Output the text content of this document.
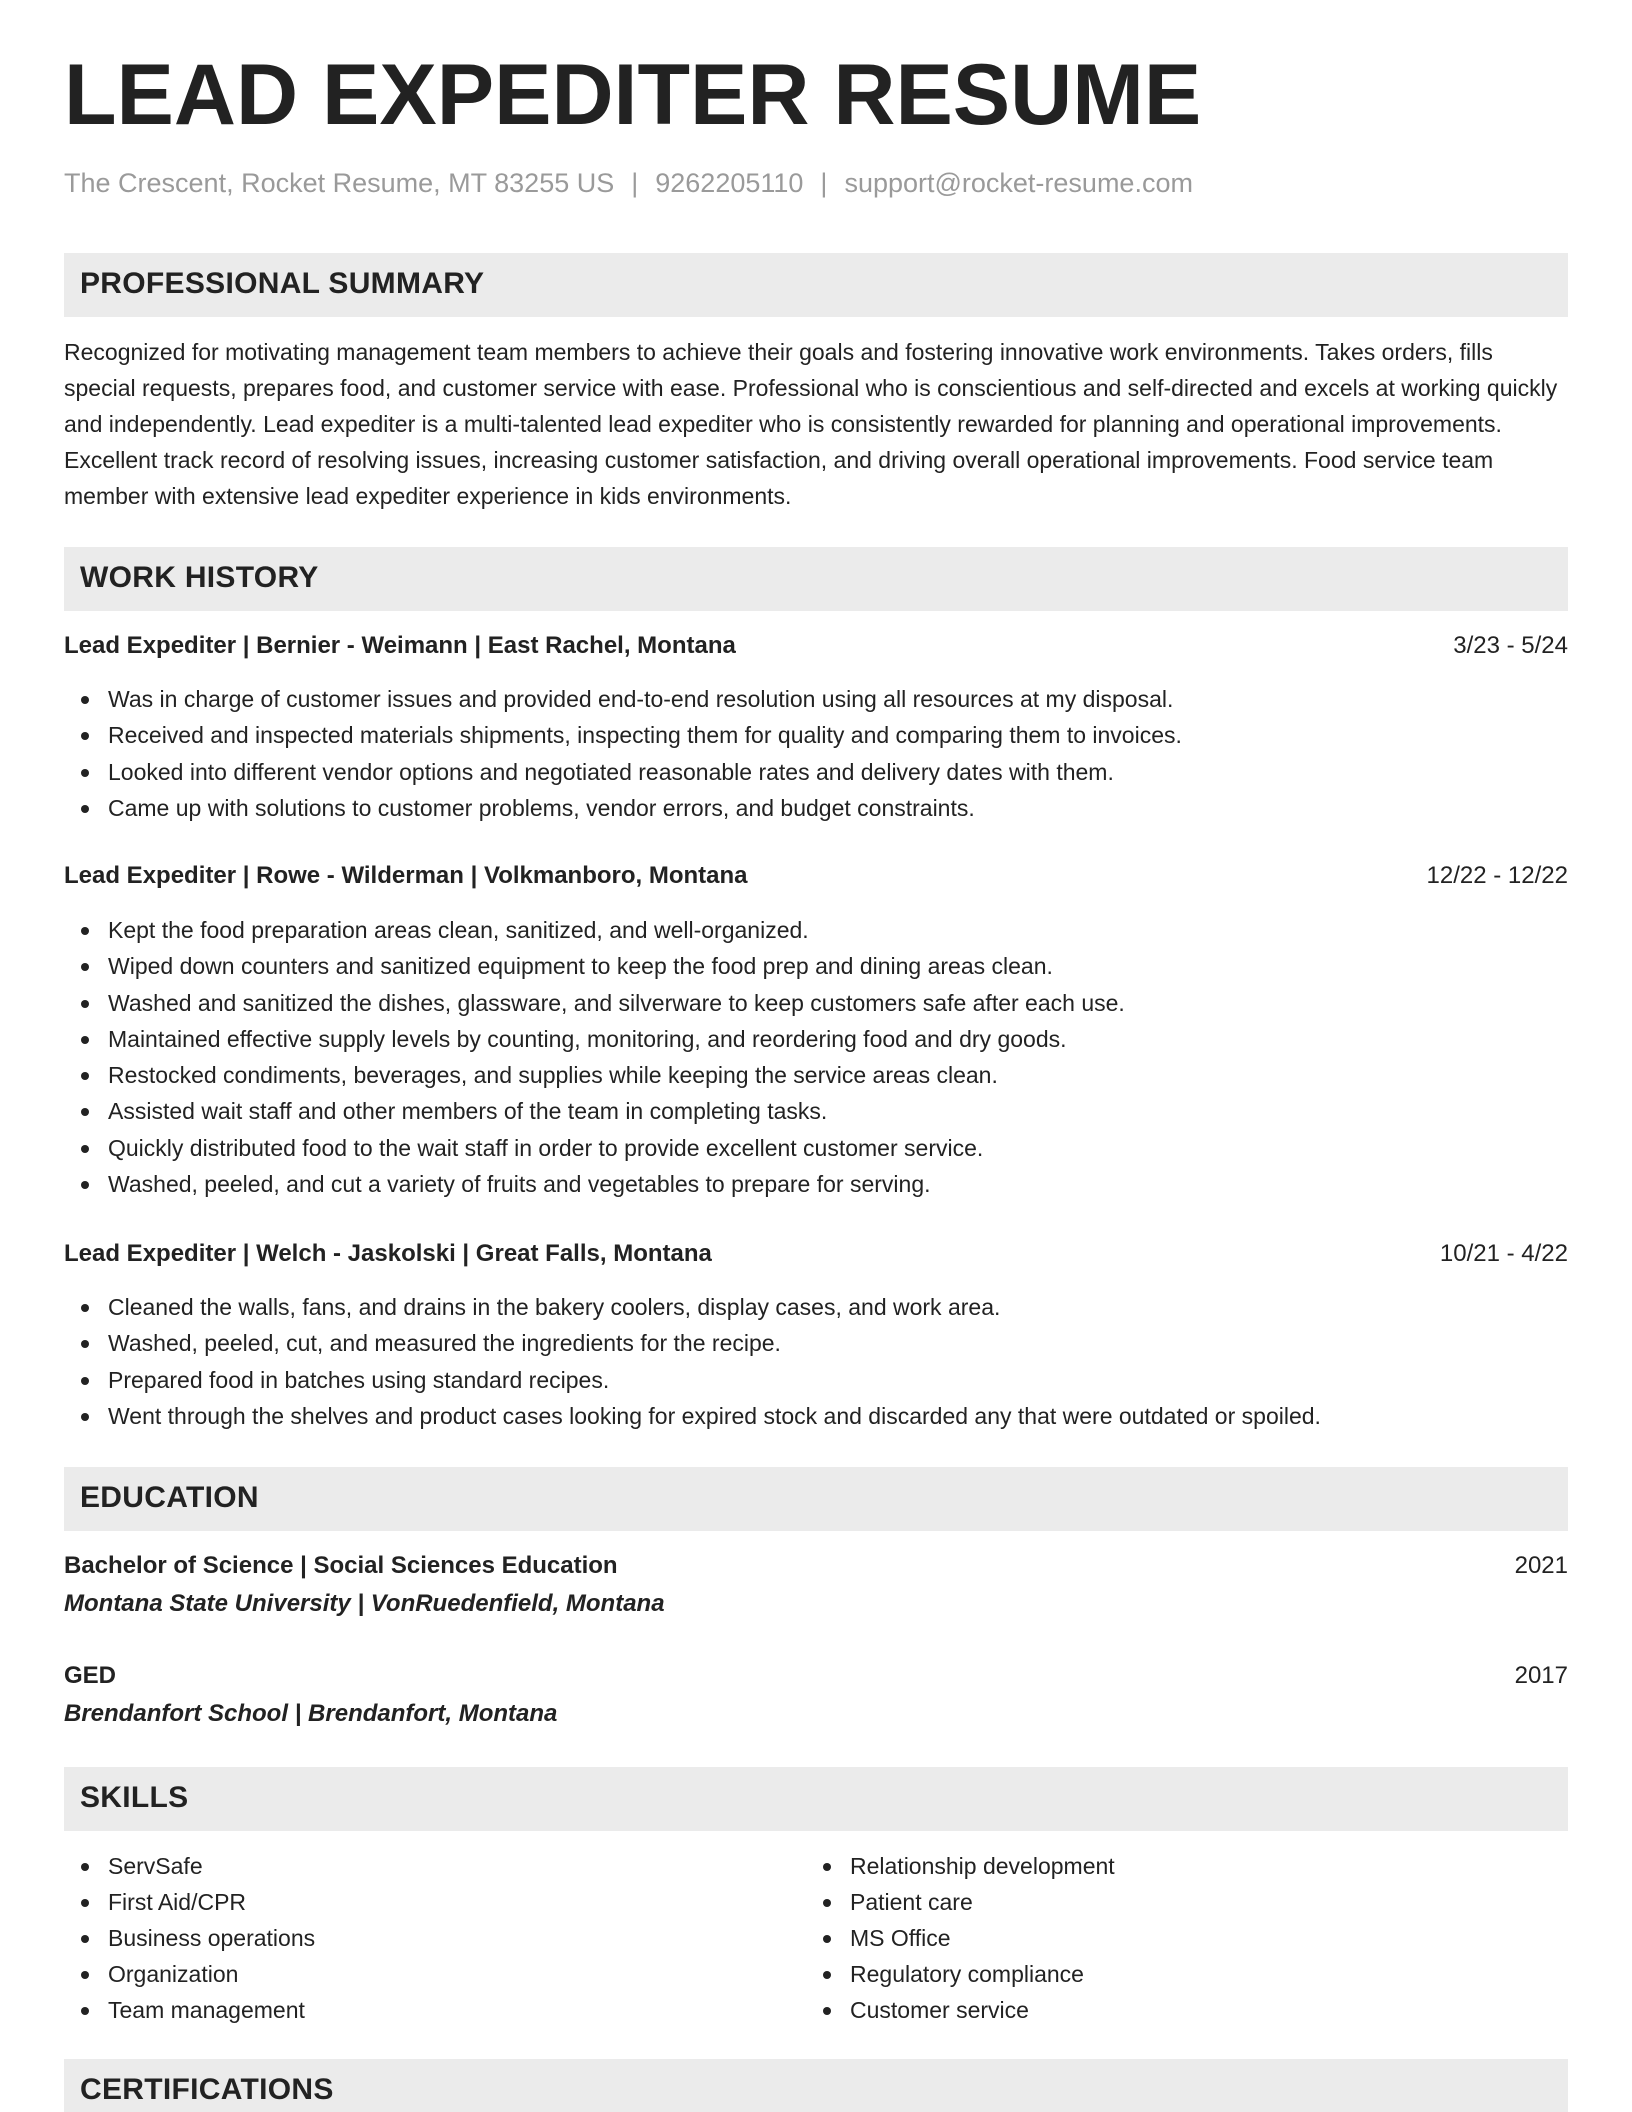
LEAD EXPEDITER RESUME
The Crescent, Rocket Resume, MT 83255 US | 9262205110 | support@rocket-resume.com
PROFESSIONAL SUMMARY

Recognized for motivating management team members to achieve their goals and fostering innovative work environments. Takes orders, fills special requests, prepares food, and customer service with ease. Professional who is conscientious and self-directed and excels at working quickly and independently. Lead expediter is a multi-talented lead expediter who is consistently rewarded for planning and operational improvements. Excellent track record of resolving issues, increasing customer satisfaction, and driving overall operational improvements. Food service team member with extensive lead expediter experience in kids environments.

WORK HISTORY
Lead Expediter | Bernier - Weimann | East Rachel, Montana	3/23 - 5/24
Was in charge of customer issues and provided end-to-end resolution using all resources at my disposal.
Received and inspected materials shipments, inspecting them for quality and comparing them to invoices.
Looked into different vendor options and negotiated reasonable rates and delivery dates with them.
Came up with solutions to customer problems, vendor errors, and budget constraints.
Lead Expediter | Rowe - Wilderman | Volkmanboro, Montana	12/22 - 12/22
Kept the food preparation areas clean, sanitized, and well-organized.
Wiped down counters and sanitized equipment to keep the food prep and dining areas clean.
Washed and sanitized the dishes, glassware, and silverware to keep customers safe after each use.
Maintained effective supply levels by counting, monitoring, and reordering food and dry goods.
Restocked condiments, beverages, and supplies while keeping the service areas clean.
Assisted wait staff and other members of the team in completing tasks.
Quickly distributed food to the wait staff in order to provide excellent customer service.
Washed, peeled, and cut a variety of fruits and vegetables to prepare for serving.
Lead Expediter | Welch - Jaskolski | Great Falls, Montana	10/21 - 4/22
Cleaned the walls, fans, and drains in the bakery coolers, display cases, and work area.
Washed, peeled, cut, and measured the ingredients for the recipe.
Prepared food in batches using standard recipes.
Went through the shelves and product cases looking for expired stock and discarded any that were outdated or spoiled.
EDUCATION
Bachelor of Science | Social Sciences Education	2021
Montana State University | VonRuedenfield, Montana
GED	2017
Brendanfort School | Brendanfort, Montana
SKILLS
ServSafe
First Aid/CPR
Business operations
Organization
Team management
Relationship development
Patient care
MS Office
Regulatory compliance
Customer service
CERTIFICATIONS
